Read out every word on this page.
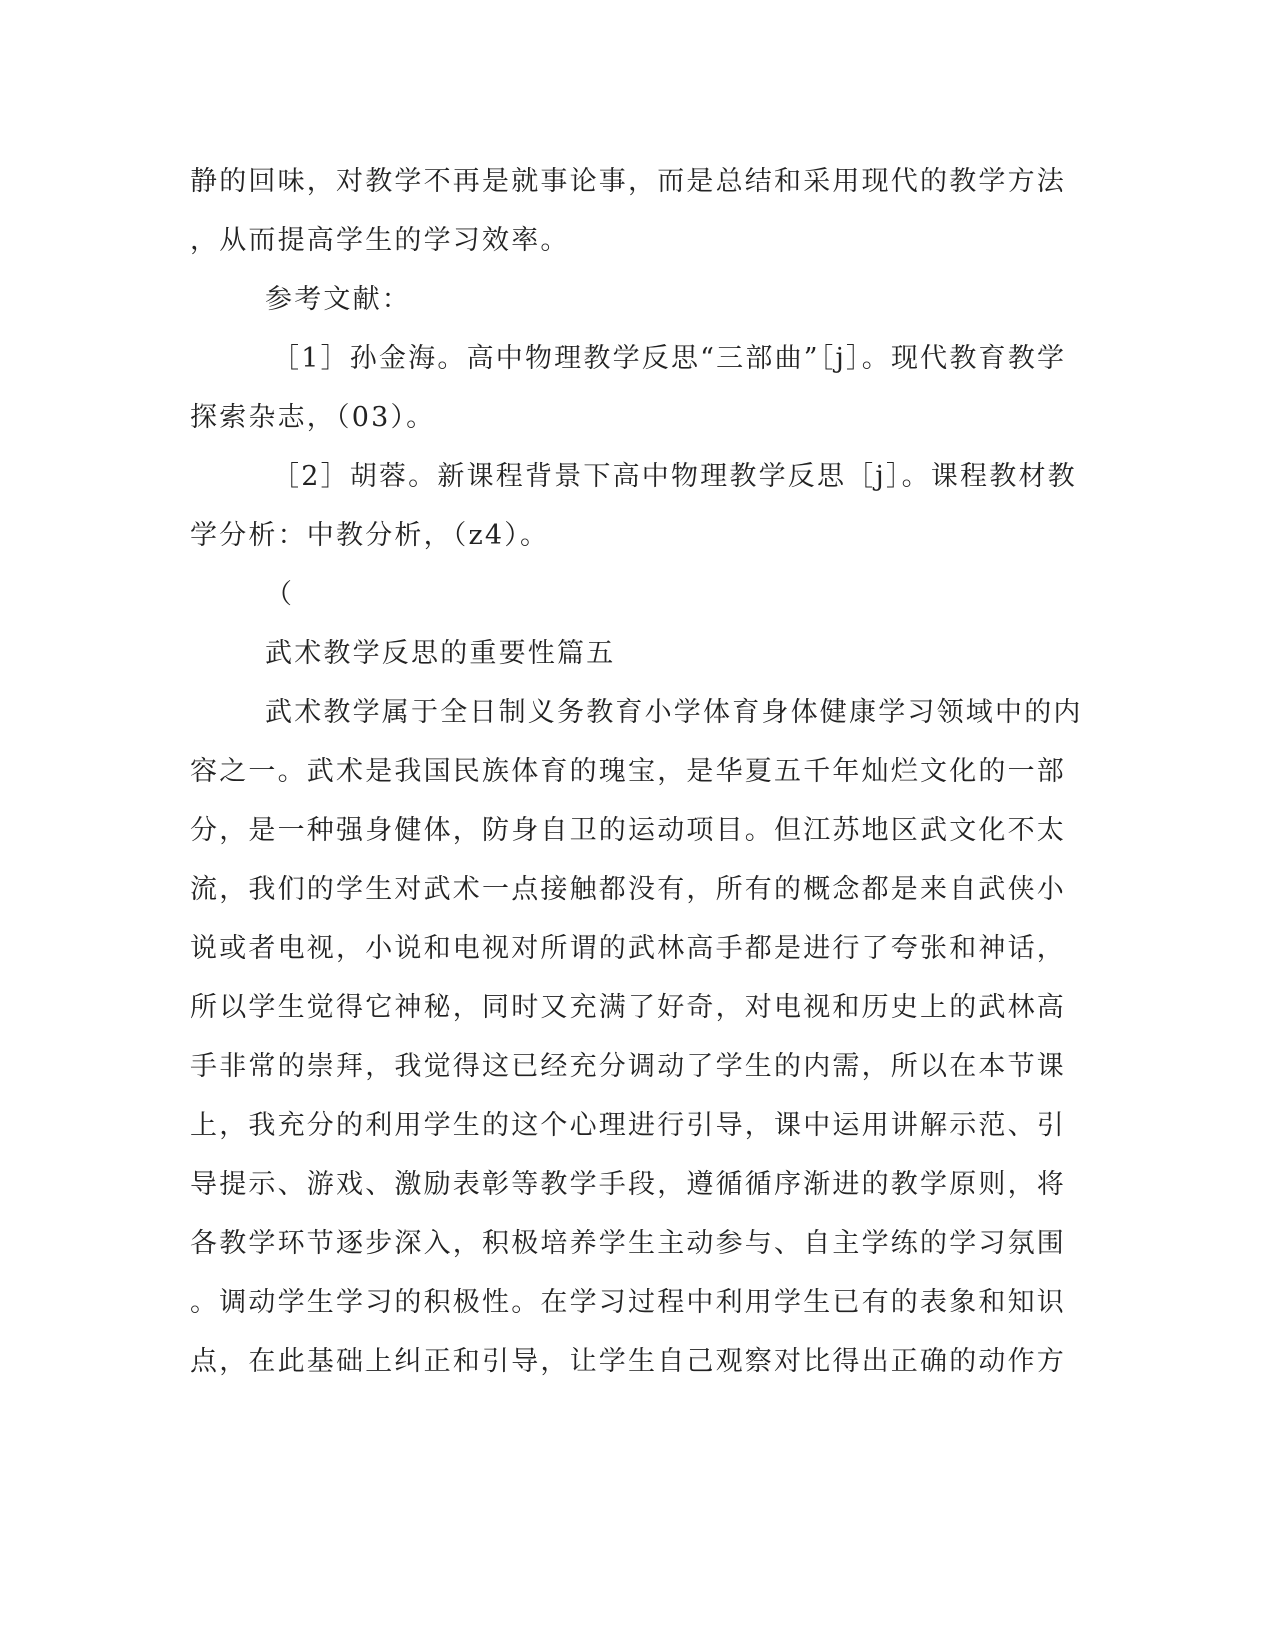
静的回味，对教学不再是就事论事，而是总结和采用现代的教学方法
，从而提高学生的学习效率。
参考文献：
［1］孙金海。高中物理教学反思“三部曲”［j］。现代教育教学
探索杂志，（03）。
［2］胡蓉。新课程背景下高中物理教学反思［j］。课程教材教
学分析：中教分析，（z4）。
（
武术教学反思的重要性篇五
武术教学属于全日制义务教育小学体育身体健康学习领域中的内
容之一。武术是我国民族体育的瑰宝，是华夏五千年灿烂文化的一部
分，是一种强身健体，防身自卫的运动项目。但江苏地区武文化不太
流，我们的学生对武术一点接触都没有，所有的概念都是来自武侠小
说或者电视，小说和电视对所谓的武林高手都是进行了夸张和神话，
所以学生觉得它神秘，同时又充满了好奇，对电视和历史上的武林高
手非常的崇拜，我觉得这已经充分调动了学生的内需，所以在本节课
上，我充分的利用学生的这个心理进行引导，课中运用讲解示范、引
导提示、游戏、激励表彰等教学手段，遵循循序渐进的教学原则，将
各教学环节逐步深入，积极培养学生主动参与、自主学练的学习氛围
。调动学生学习的积极性。在学习过程中利用学生已有的表象和知识
点，在此基础上纠正和引导，让学生自己观察对比得出正确的动作方
